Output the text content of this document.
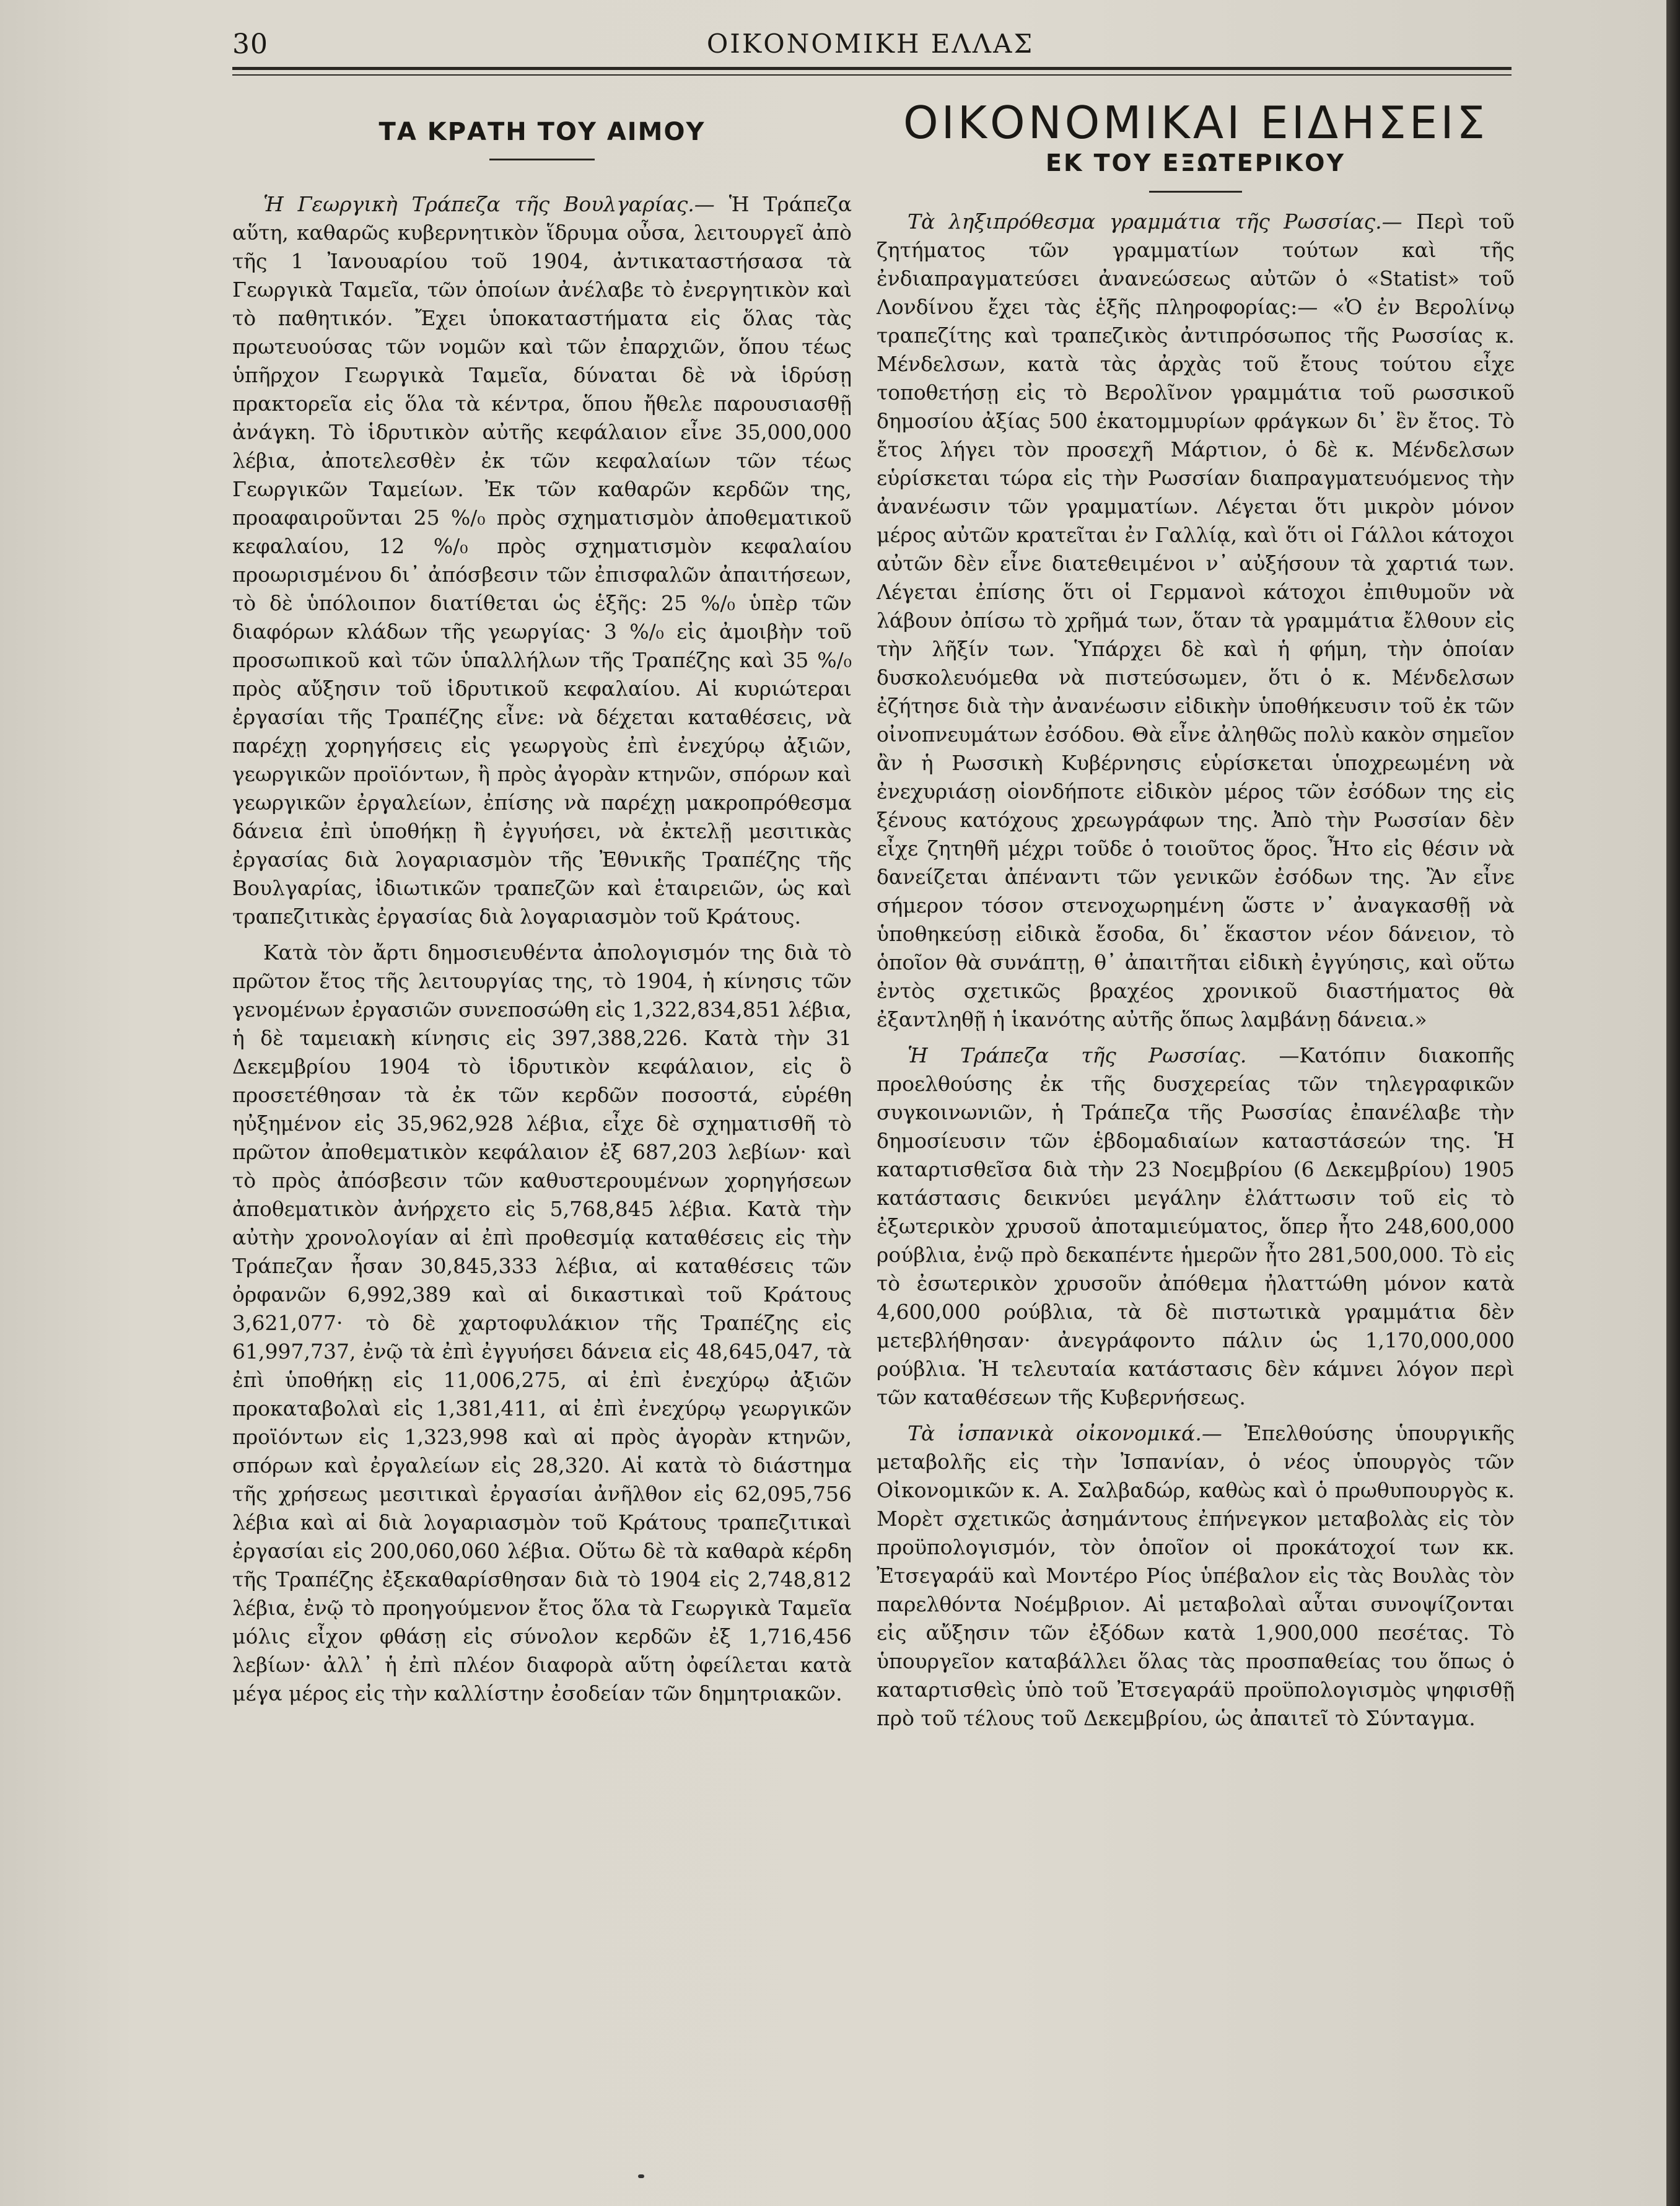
30	ΟΙΚΟΝΟΜΙΚΗ ΕΛΛΑΣ
ΤΑ ΚΡΑΤΗ ΤΟΥ ΑΙΜΟΥ

Ἡ Γεωργικὴ Τράπεζα τῆς Βουλγαρίας.— Ἡ Τράπεζα αὕτη, καθαρῶς κυβερνητικὸν ἵδρυμα οὖσα, λειτουργεῖ ἀπὸ τῆς 1 Ἰανουαρίου τοῦ 1904, ἀντικαταστήσασα τὰ Γεωργικὰ Ταμεῖα, τῶν ὁποίων ἀνέλαβε τὸ ἐνεργητικὸν καὶ τὸ παθητικόν. Ἔχει ὑποκαταστήματα εἰς ὅλας τὰς πρωτευούσας τῶν νομῶν καὶ τῶν ἐπαρχιῶν, ὅπου τέως ὑπῆρχον Γεωργικὰ Ταμεῖα, δύναται δὲ νὰ ἱδρύσῃ πρακτορεῖα εἰς ὅλα τὰ κέντρα, ὅπου ἤθελε παρουσιασθῇ ἀνάγκη. Τὸ ἱδρυτικὸν αὐτῆς κεφάλαιον εἶνε 35,000,000 λέβια, ἀποτελεσθὲν ἐκ τῶν κεφαλαίων τῶν τέως Γεωργικῶν Ταμείων. Ἐκ τῶν καθαρῶν κερδῶν της, προαφαιροῦνται 25 %/₀ πρὸς σχηματισμὸν ἀποθεματικοῦ κεφαλαίου, 12 %/₀ πρὸς σχηματισμὸν κεφαλαίου προωρισμένου δι᾽ ἀπόσβεσιν τῶν ἐπισφαλῶν ἀπαιτήσεων, τὸ δὲ ὑπόλοιπον διατίθεται ὡς ἑξῆς: 25 %/₀ ὑπὲρ τῶν διαφόρων κλάδων τῆς γεωργίας· 3 %/₀ εἰς ἀμοιβὴν τοῦ προσωπικοῦ καὶ τῶν ὑπαλλήλων τῆς Τραπέζης καὶ 35 %/₀ πρὸς αὔξησιν τοῦ ἱδρυτικοῦ κεφαλαίου. Αἱ κυριώτεραι ἐργασίαι τῆς Τραπέζης εἶνε: νὰ δέχεται καταθέσεις, νὰ παρέχῃ χορηγήσεις εἰς γεωργοὺς ἐπὶ ἐνεχύρῳ ἀξιῶν, γεωργικῶν προϊόντων, ἢ πρὸς ἀγορὰν κτηνῶν, σπόρων καὶ γεωργικῶν ἐργαλείων, ἐπίσης νὰ παρέχῃ μακροπρόθεσμα δάνεια ἐπὶ ὑποθήκῃ ἢ ἐγγυήσει, νὰ ἐκτελῇ μεσιτικὰς ἐργασίας διὰ λογαριασμὸν τῆς Ἐθνικῆς Τραπέζης τῆς Βουλγαρίας, ἰδιωτικῶν τραπεζῶν καὶ ἑταιρειῶν, ὡς καὶ τραπεζιτικὰς ἐργασίας διὰ λογαριασμὸν τοῦ Κράτους.

Κατὰ τὸν ἄρτι δημοσιευθέντα ἀπολογισμόν της διὰ τὸ πρῶτον ἔτος τῆς λειτουργίας της, τὸ 1904, ἡ κίνησις τῶν γενομένων ἐργασιῶν συνεποσώθη εἰς 1,322,834,851 λέβια, ἡ δὲ ταμειακὴ κίνησις εἰς 397,388,226. Κατὰ τὴν 31 Δεκεμβρίου 1904 τὸ ἱδρυτικὸν κεφάλαιον, εἰς ὃ προσετέθησαν τὰ ἐκ τῶν κερδῶν ποσοστά, εὑρέθη ηὐξημένον εἰς 35,962,928 λέβια, εἶχε δὲ σχηματισθῆ τὸ πρῶτον ἀποθεματικὸν κεφάλαιον ἐξ 687,203 λεβίων· καὶ τὸ πρὸς ἀπόσβεσιν τῶν καθυστερουμένων χορηγήσεων ἀποθεματικὸν ἀνήρχετο εἰς 5,768,845 λέβια. Κατὰ τὴν αὐτὴν χρονολογίαν αἱ ἐπὶ προθεσμίᾳ καταθέσεις εἰς τὴν Τράπεζαν ἦσαν 30,845,333 λέβια, αἱ καταθέσεις τῶν ὀρφανῶν 6,992,389 καὶ αἱ δικαστικαὶ τοῦ Κράτους 3,621,077· τὸ δὲ χαρτοφυλάκιον τῆς Τραπέζης εἰς 61,997,737, ἐνῷ τὰ ἐπὶ ἐγγυήσει δάνεια εἰς 48,645,047, τὰ ἐπὶ ὑποθήκῃ εἰς 11,006,275, αἱ ἐπὶ ἐνεχύρῳ ἀξιῶν προκαταβολαὶ εἰς 1,381,411, αἱ ἐπὶ ἐνεχύρῳ γεωργικῶν προϊόντων εἰς 1,323,998 καὶ αἱ πρὸς ἀγορὰν κτηνῶν, σπόρων καὶ ἐργαλείων εἰς 28,320. Αἱ κατὰ τὸ διάστημα τῆς χρήσεως μεσιτικαὶ ἐργασίαι ἀνῆλθον εἰς 62,095,756 λέβια καὶ αἱ διὰ λογαριασμὸν τοῦ Κράτους τραπεζιτικαὶ ἐργασίαι εἰς 200,060,060 λέβια. Οὕτω δὲ τὰ καθαρὰ κέρδη τῆς Τραπέζης ἐξεκαθαρίσθησαν διὰ τὸ 1904 εἰς 2,748,812 λέβια, ἐνῷ τὸ προηγούμενον ἔτος ὅλα τὰ Γεωργικὰ Ταμεῖα μόλις εἶχον φθάσῃ εἰς σύνολον κερδῶν ἐξ 1,716,456 λεβίων· ἀλλ᾽ ἡ ἐπὶ πλέον διαφορὰ αὕτη ὀφείλεται κατὰ μέγα μέρος εἰς τὴν καλλίστην ἐσοδείαν τῶν δημητριακῶν.

ΟΙΚΟΝΟΜΙΚΑΙ ΕΙΔΗΣΕΙΣ
ΕΚ ΤΟΥ ΕΞΩΤΕΡΙΚΟΥ

Τὰ ληξιπρόθεσμα γραμμάτια τῆς Ρωσσίας.— Περὶ τοῦ ζητήματος τῶν γραμματίων τούτων καὶ τῆς ἐνδιαπραγματεύσει ἀνανεώσεως αὐτῶν ὁ «Statist» τοῦ Λονδίνου ἔχει τὰς ἑξῆς πληροφορίας:— «Ὁ ἐν Βερολίνῳ τραπεζίτης καὶ τραπεζικὸς ἀντιπρόσωπος τῆς Ρωσσίας κ. Μένδελσων, κατὰ τὰς ἀρχὰς τοῦ ἔτους τούτου εἶχε τοποθετήσῃ εἰς τὸ Βερολῖνον γραμμάτια τοῦ ρωσσικοῦ δημοσίου ἀξίας 500 ἑκατομμυρίων φράγκων δι᾽ ἓν ἔτος. Τὸ ἔτος λήγει τὸν προσεχῆ Μάρτιον, ὁ δὲ κ. Μένδελσων εὑρίσκεται τώρα εἰς τὴν Ρωσσίαν διαπραγματευόμενος τὴν ἀνανέωσιν τῶν γραμματίων. Λέγεται ὅτι μικρὸν μόνον μέρος αὐτῶν κρατεῖται ἐν Γαλλίᾳ, καὶ ὅτι οἱ Γάλλοι κάτοχοι αὐτῶν δὲν εἶνε διατεθειμένοι ν᾽ αὐξήσουν τὰ χαρτιά των. Λέγεται ἐπίσης ὅτι οἱ Γερμανοὶ κάτοχοι ἐπιθυμοῦν νὰ λάβουν ὀπίσω τὸ χρῆμά των, ὅταν τὰ γραμμάτια ἔλθουν εἰς τὴν λῆξίν των. Ὑπάρχει δὲ καὶ ἡ φήμη, τὴν ὁποίαν δυσκολευόμεθα νὰ πιστεύσωμεν, ὅτι ὁ κ. Μένδελσων ἐζήτησε διὰ τὴν ἀνανέωσιν εἰδικὴν ὑποθήκευσιν τοῦ ἐκ τῶν οἰνοπνευμάτων ἐσόδου. Θὰ εἶνε ἀληθῶς πολὺ κακὸν σημεῖον ἂν ἡ Ρωσσικὴ Κυβέρνησις εὑρίσκεται ὑποχρεωμένη νὰ ἐνεχυριάσῃ οἱονδήποτε εἰδικὸν μέρος τῶν ἐσόδων της εἰς ξένους κατόχους χρεωγράφων της. Ἀπὸ τὴν Ρωσσίαν δὲν εἶχε ζητηθῆ μέχρι τοῦδε ὁ τοιοῦτος ὅρος. Ἦτο εἰς θέσιν νὰ δανείζεται ἀπέναντι τῶν γενικῶν ἐσόδων της. Ἂν εἶνε σήμερον τόσον στενοχωρημένη ὥστε ν᾽ ἀναγκασθῇ νὰ ὑποθηκεύσῃ εἰδικὰ ἔσοδα, δι᾽ ἕκαστον νέον δάνειον, τὸ ὁποῖον θὰ συνάπτῃ, θ᾽ ἀπαιτῆται εἰδικὴ ἐγγύησις, καὶ οὕτω ἐντὸς σχετικῶς βραχέος χρονικοῦ διαστήματος θὰ ἐξαντληθῇ ἡ ἱκανότης αὐτῆς ὅπως λαμβάνῃ δάνεια.»

Ἡ Τράπεζα τῆς Ρωσσίας. —Κατόπιν διακοπῆς προελθούσης ἐκ τῆς δυσχερείας τῶν τηλεγραφικῶν συγκοινωνιῶν, ἡ Τράπεζα τῆς Ρωσσίας ἐπανέλαβε τὴν δημοσίευσιν τῶν ἑβδομαδιαίων καταστάσεών της. Ἡ καταρτισθεῖσα διὰ τὴν 23 Νοεμβρίου (6 Δεκεμβρίου) 1905 κατάστασις δεικνύει μεγάλην ἐλάττωσιν τοῦ εἰς τὸ ἐξωτερικὸν χρυσοῦ ἀποταμιεύματος, ὅπερ ἦτο 248,600,000 ρούβλια, ἐνῷ πρὸ δεκαπέντε ἡμερῶν ἦτο 281,500,000. Τὸ εἰς τὸ ἐσωτερικὸν χρυσοῦν ἀπόθεμα ἠλαττώθη μόνον κατὰ 4,600,000 ρούβλια, τὰ δὲ πιστωτικὰ γραμμάτια δὲν μετεβλήθησαν· ἀνεγράφοντο πάλιν ὡς 1,170,000,000 ρούβλια. Ἡ τελευταία κατάστασις δὲν κάμνει λόγον περὶ τῶν καταθέσεων τῆς Κυβερνήσεως.

Τὰ ἰσπανικὰ οἰκονομικά.— Ἐπελθούσης ὑπουργικῆς μεταβολῆς εἰς τὴν Ἰσπανίαν, ὁ νέος ὑπουργὸς τῶν Οἰκονομικῶν κ. Α. Σαλβαδώρ, καθὼς καὶ ὁ πρωθυπουργὸς κ. Μορὲτ σχετικῶς ἀσημάντους ἐπήνεγκον μεταβολὰς εἰς τὸν προϋπολογισμόν, τὸν ὁποῖον οἱ προκάτοχοί των κκ. Ἐτσεγαράϋ καὶ Μοντέρο Ρίος ὑπέβαλον εἰς τὰς Βουλὰς τὸν παρελθόντα Νοέμβριον. Αἱ μεταβολαὶ αὗται συνοψίζονται εἰς αὔξησιν τῶν ἐξόδων κατὰ 1,900,000 πεσέτας. Τὸ ὑπουργεῖον καταβάλλει ὅλας τὰς προσπαθείας του ὅπως ὁ καταρτισθεὶς ὑπὸ τοῦ Ἐτσεγαράϋ προϋπολογισμὸς ψηφισθῇ πρὸ τοῦ τέλους τοῦ Δεκεμβρίου, ὡς ἀπαιτεῖ τὸ Σύνταγμα.
